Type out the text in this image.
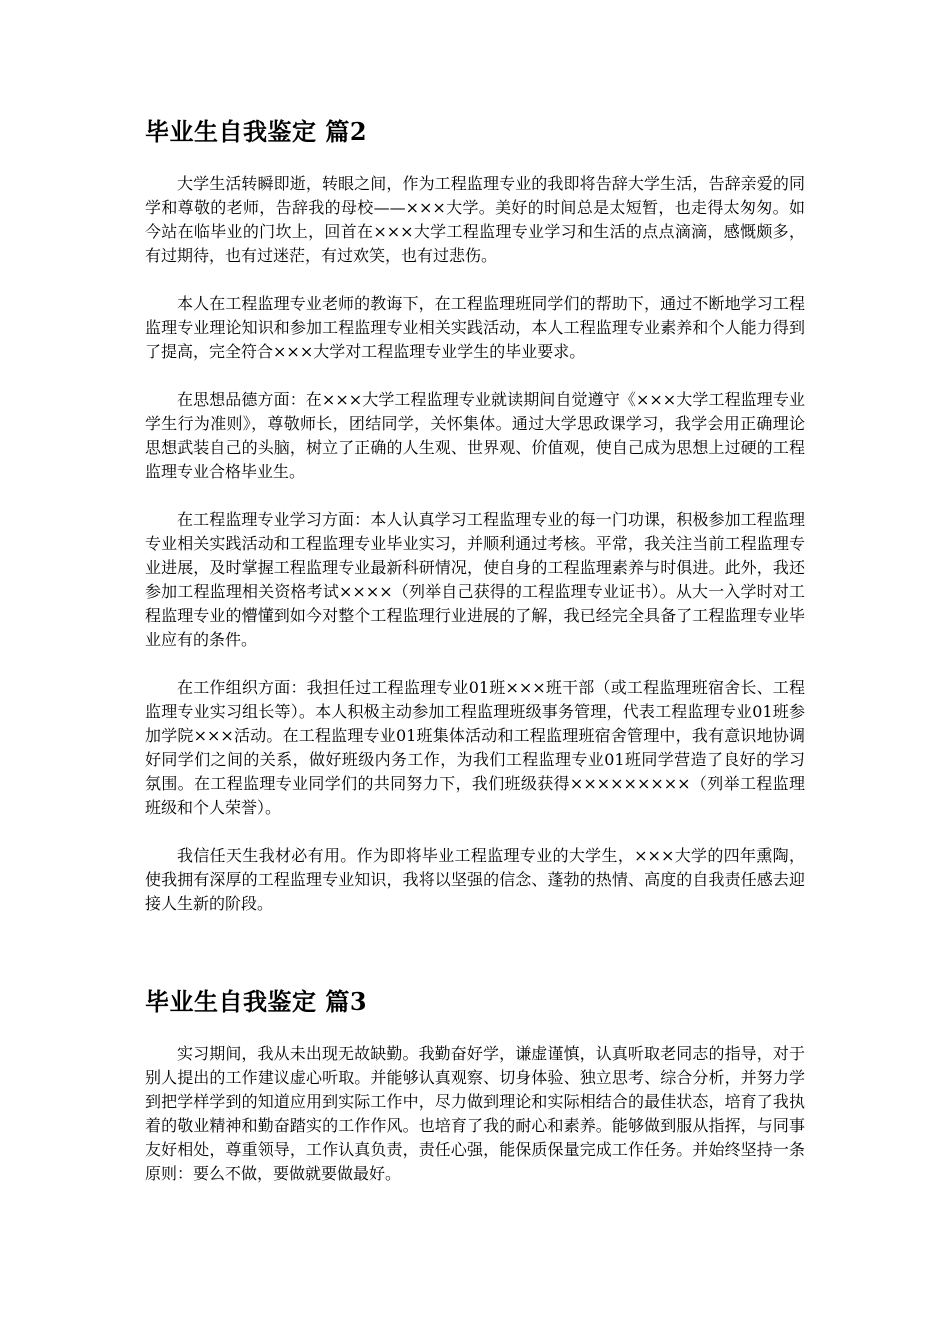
毕业生自我鉴定 篇2

大学生活转瞬即逝，转眼之间，作为工程监理专业的我即将告辞大学生活，告辞亲爱的同学和尊敬的老师，告辞我的母校——×××大学。美好的时间总是太短暂，也走得太匆匆。如今站在临毕业的门坎上，回首在×××大学工程监理专业学习和生活的点点滴滴，感慨颇多，有过期待，也有过迷茫，有过欢笑，也有过悲伤。

本人在工程监理专业老师的教诲下，在工程监理班同学们的帮助下，通过不断地学习工程监理专业理论知识和参加工程监理专业相关实践活动，本人工程监理专业素养和个人能力得到了提高，完全符合×××大学对工程监理专业学生的毕业要求。

在思想品德方面：在×××大学工程监理专业就读期间自觉遵守《×××大学工程监理专业学生行为准则》，尊敬师长，团结同学，关怀集体。通过大学思政课学习，我学会用正确理论思想武装自己的头脑，树立了正确的人生观、世界观、价值观，使自己成为思想上过硬的工程监理专业合格毕业生。

在工程监理专业学习方面：本人认真学习工程监理专业的每一门功课，积极参加工程监理专业相关实践活动和工程监理专业毕业实习，并顺利通过考核。平常，我关注当前工程监理专业进展，及时掌握工程监理专业最新科研情况，使自身的工程监理素养与时俱进。此外，我还参加工程监理相关资格考试××××（列举自己获得的工程监理专业证书）。从大一入学时对工程监理专业的懵懂到如今对整个工程监理行业进展的了解，我已经完全具备了工程监理专业毕业应有的条件。

在工作组织方面：我担任过工程监理专业01班×××班干部（或工程监理班宿舍长、工程监理专业实习组长等）。本人积极主动参加工程监理班级事务管理，代表工程监理专业01班参加学院×××活动。在工程监理专业01班集体活动和工程监理班宿舍管理中，我有意识地协调好同学们之间的关系，做好班级内务工作，为我们工程监理专业01班同学营造了良好的学习氛围。在工程监理专业同学们的共同努力下，我们班级获得×××××××××（列举工程监理班级和个人荣誉）。

我信任天生我材必有用。作为即将毕业工程监理专业的大学生，×××大学的四年熏陶，使我拥有深厚的工程监理专业知识，我将以坚强的信念、蓬勃的热情、高度的自我责任感去迎接人生新的阶段。

毕业生自我鉴定 篇3

实习期间，我从未出现无故缺勤。我勤奋好学，谦虚谨慎，认真听取老同志的指导，对于别人提出的工作建议虚心听取。并能够认真观察、切身体验、独立思考、综合分析，并努力学到把学样学到的知道应用到实际工作中，尽力做到理论和实际相结合的最佳状态，培育了我执着的敬业精神和勤奋踏实的工作作风。也培育了我的耐心和素养。能够做到服从指挥，与同事友好相处，尊重领导，工作认真负责，责任心强，能保质保量完成工作任务。并始终坚持一条原则：要么不做，要做就要做最好。
